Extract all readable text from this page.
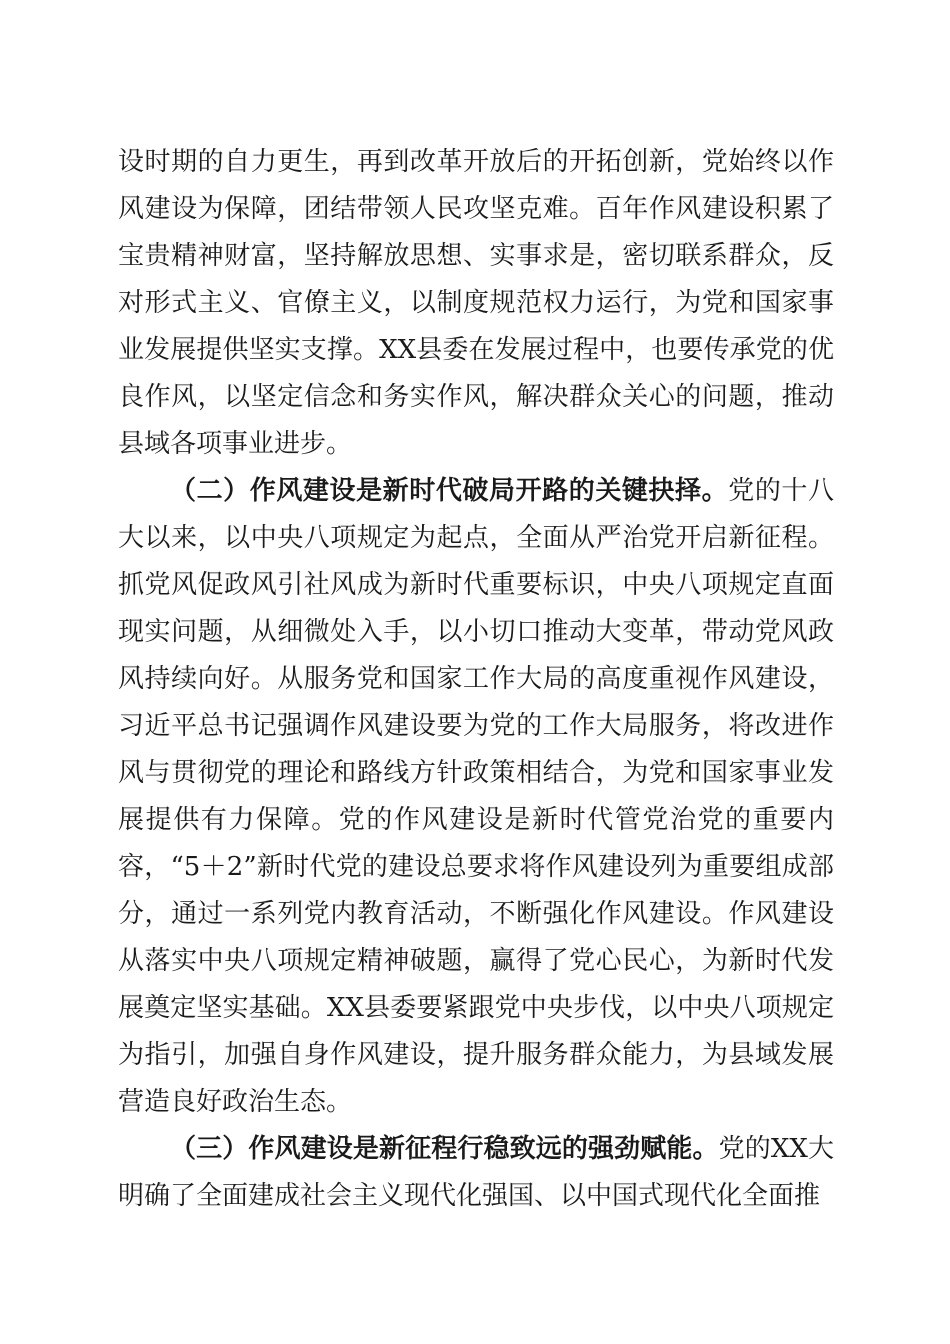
设时期的自力更生，再到改革开放后的开拓创新，党始终以作风建设为保障，团结带领人民攻坚克难。百年作风建设积累了宝贵精神财富，坚持解放思想、实事求是，密切联系群众，反对形式主义、官僚主义，以制度规范权力运行，为党和国家事业发展提供坚实支撑。XX县委在发展过程中，也要传承党的优良作风，以坚定信念和务实作风，解决群众关心的问题，推动县域各项事业进步。

（二）作风建设是新时代破局开路的关键抉择。党的十八大以来，以中央八项规定为起点，全面从严治党开启新征程。抓党风促政风引社风成为新时代重要标识，中央八项规定直面现实问题，从细微处入手，以小切口推动大变革，带动党风政风持续向好。从服务党和国家工作大局的高度重视作风建设，习近平总书记强调作风建设要为党的工作大局服务，将改进作风与贯彻党的理论和路线方针政策相结合，为党和国家事业发展提供有力保障。党的作风建设是新时代管党治党的重要内容，“5＋2”新时代党的建设总要求将作风建设列为重要组成部分，通过一系列党内教育活动，不断强化作风建设。作风建设从落实中央八项规定精神破题，赢得了党心民心，为新时代发展奠定坚实基础。XX县委要紧跟党中央步伐，以中央八项规定为指引，加强自身作风建设，提升服务群众能力，为县域发展营造良好政治生态。

（三）作风建设是新征程行稳致远的强劲赋能。党的XX大明确了全面建成社会主义现代化强国、以中国式现代化全面推
